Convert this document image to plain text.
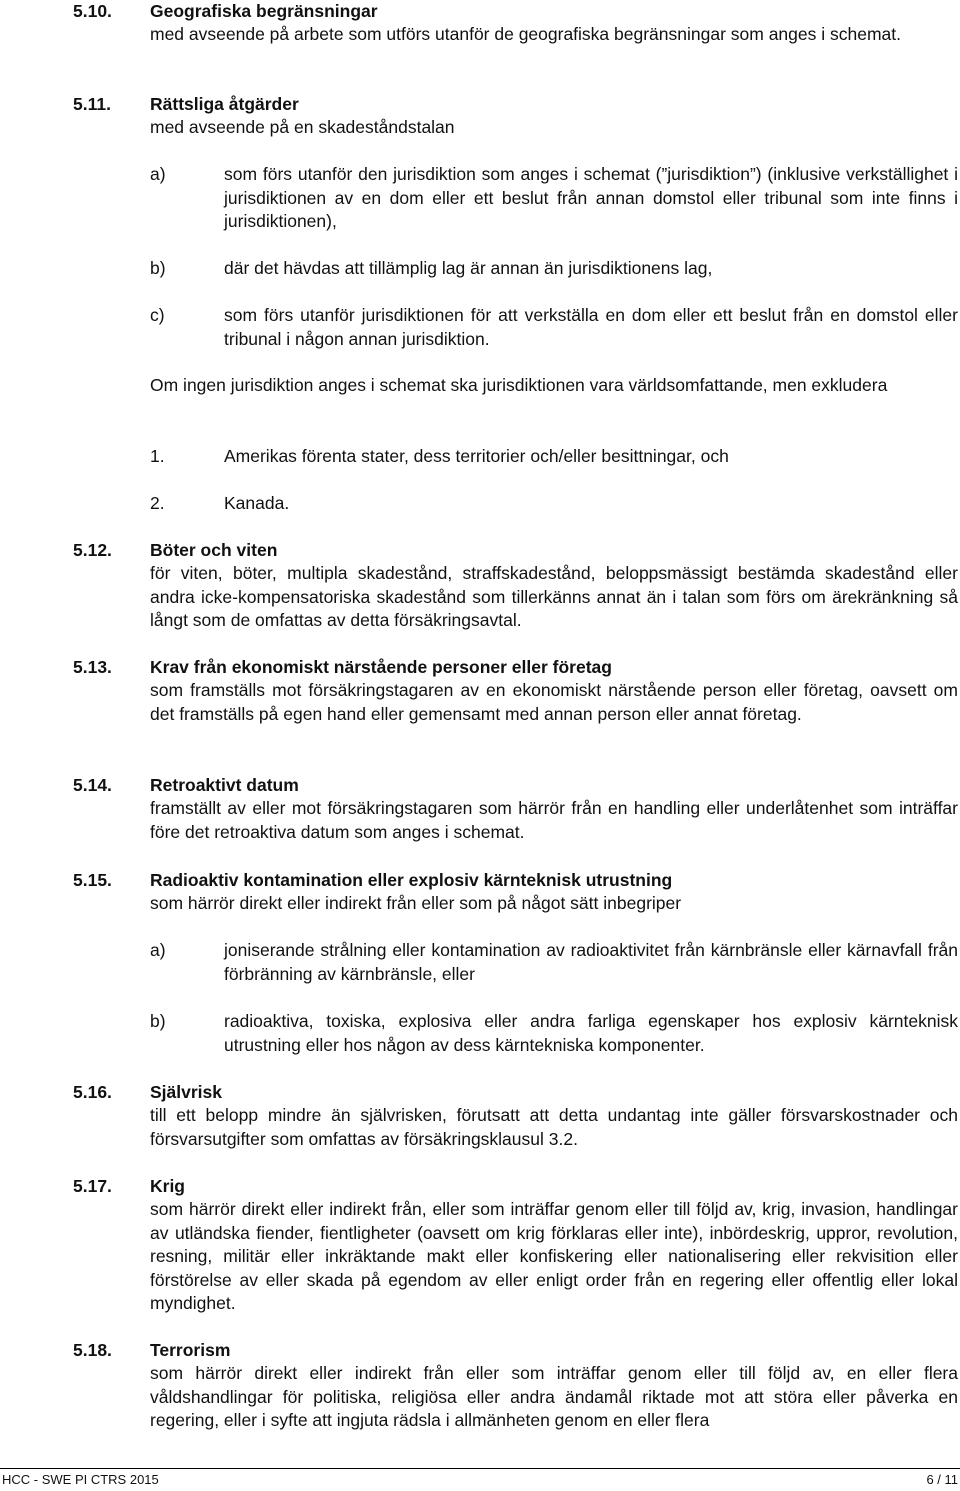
5.10. Geografiska begränsningar
med avseende på arbete som utförs utanför de geografiska begränsningar som anges i schemat.
5.11. Rättsliga åtgärder
med avseende på en skadeståndstalan
a)	som förs utanför den jurisdiktion som anges i schemat (”jurisdiktion”) (inklusive verkställighet i jurisdiktionen av en dom eller ett beslut från annan domstol eller tribunal som inte finns i jurisdiktionen),
b)	där det hävdas att tillämplig lag är annan än jurisdiktionens lag,
c)	som förs utanför jurisdiktionen för att verkställa en dom eller ett beslut från en domstol eller tribunal i någon annan jurisdiktion.
Om ingen jurisdiktion anges i schemat ska jurisdiktionen vara världsomfattande, men exkludera
1.	Amerikas förenta stater, dess territorier och/eller besittningar, och
2.	Kanada.
5.12. Böter och viten
för viten, böter, multipla skadestånd, straffskadestånd, beloppsmässigt bestämda skadestånd eller andra icke-kompensatoriska skadestånd som tillerkänns annat än i talan som förs om ärekränkning så långt som de omfattas av detta försäkringsavtal.
5.13. Krav från ekonomiskt närstående personer eller företag
som framställs mot försäkringstagaren av en ekonomiskt närstående person eller företag, oavsett om det framställs på egen hand eller gemensamt med annan person eller annat företag.
5.14. Retroaktivt datum
framställt av eller mot försäkringstagaren som härrör från en handling eller underlåtenhet som inträffar före det retroaktiva datum som anges i schemat.
5.15. Radioaktiv kontamination eller explosiv kärnteknisk utrustning
som härrör direkt eller indirekt från eller som på något sätt inbegriper
a)	joniserande strålning eller kontamination av radioaktivitet från kärnbränsle eller kärnavfall från förbränning av kärnbränsle, eller
b)	radioaktiva, toxiska, explosiva eller andra farliga egenskaper hos explosiv kärnteknisk utrustning eller hos någon av dess kärntekniska komponenter.
5.16. Självrisk
till ett belopp mindre än självrisken, förutsatt att detta undantag inte gäller försvarskostnader och försvarsutgifter som omfattas av försäkringsklausul 3.2.
5.17. Krig
som härrör direkt eller indirekt från, eller som inträffar genom eller till följd av, krig, invasion, handlingar av utländska fiender, fientligheter (oavsett om krig förklaras eller inte), inbördeskrig, uppror, revolution, resning, militär eller inkräktande makt eller konfiskering eller nationalisering eller rekvisition eller förstörelse av eller skada på egendom av eller enligt order från en regering eller offentlig eller lokal myndighet.
5.18. Terrorism
som härrör direkt eller indirekt från eller som inträffar genom eller till följd av, en eller flera våldshandlingar för politiska, religiösa eller andra ändamål riktade mot att störa eller påverka en regering, eller i syfte att ingjuta rädsla i allmänheten genom en eller flera
HCC - SWE PI CTRS 2015	6 / 11
